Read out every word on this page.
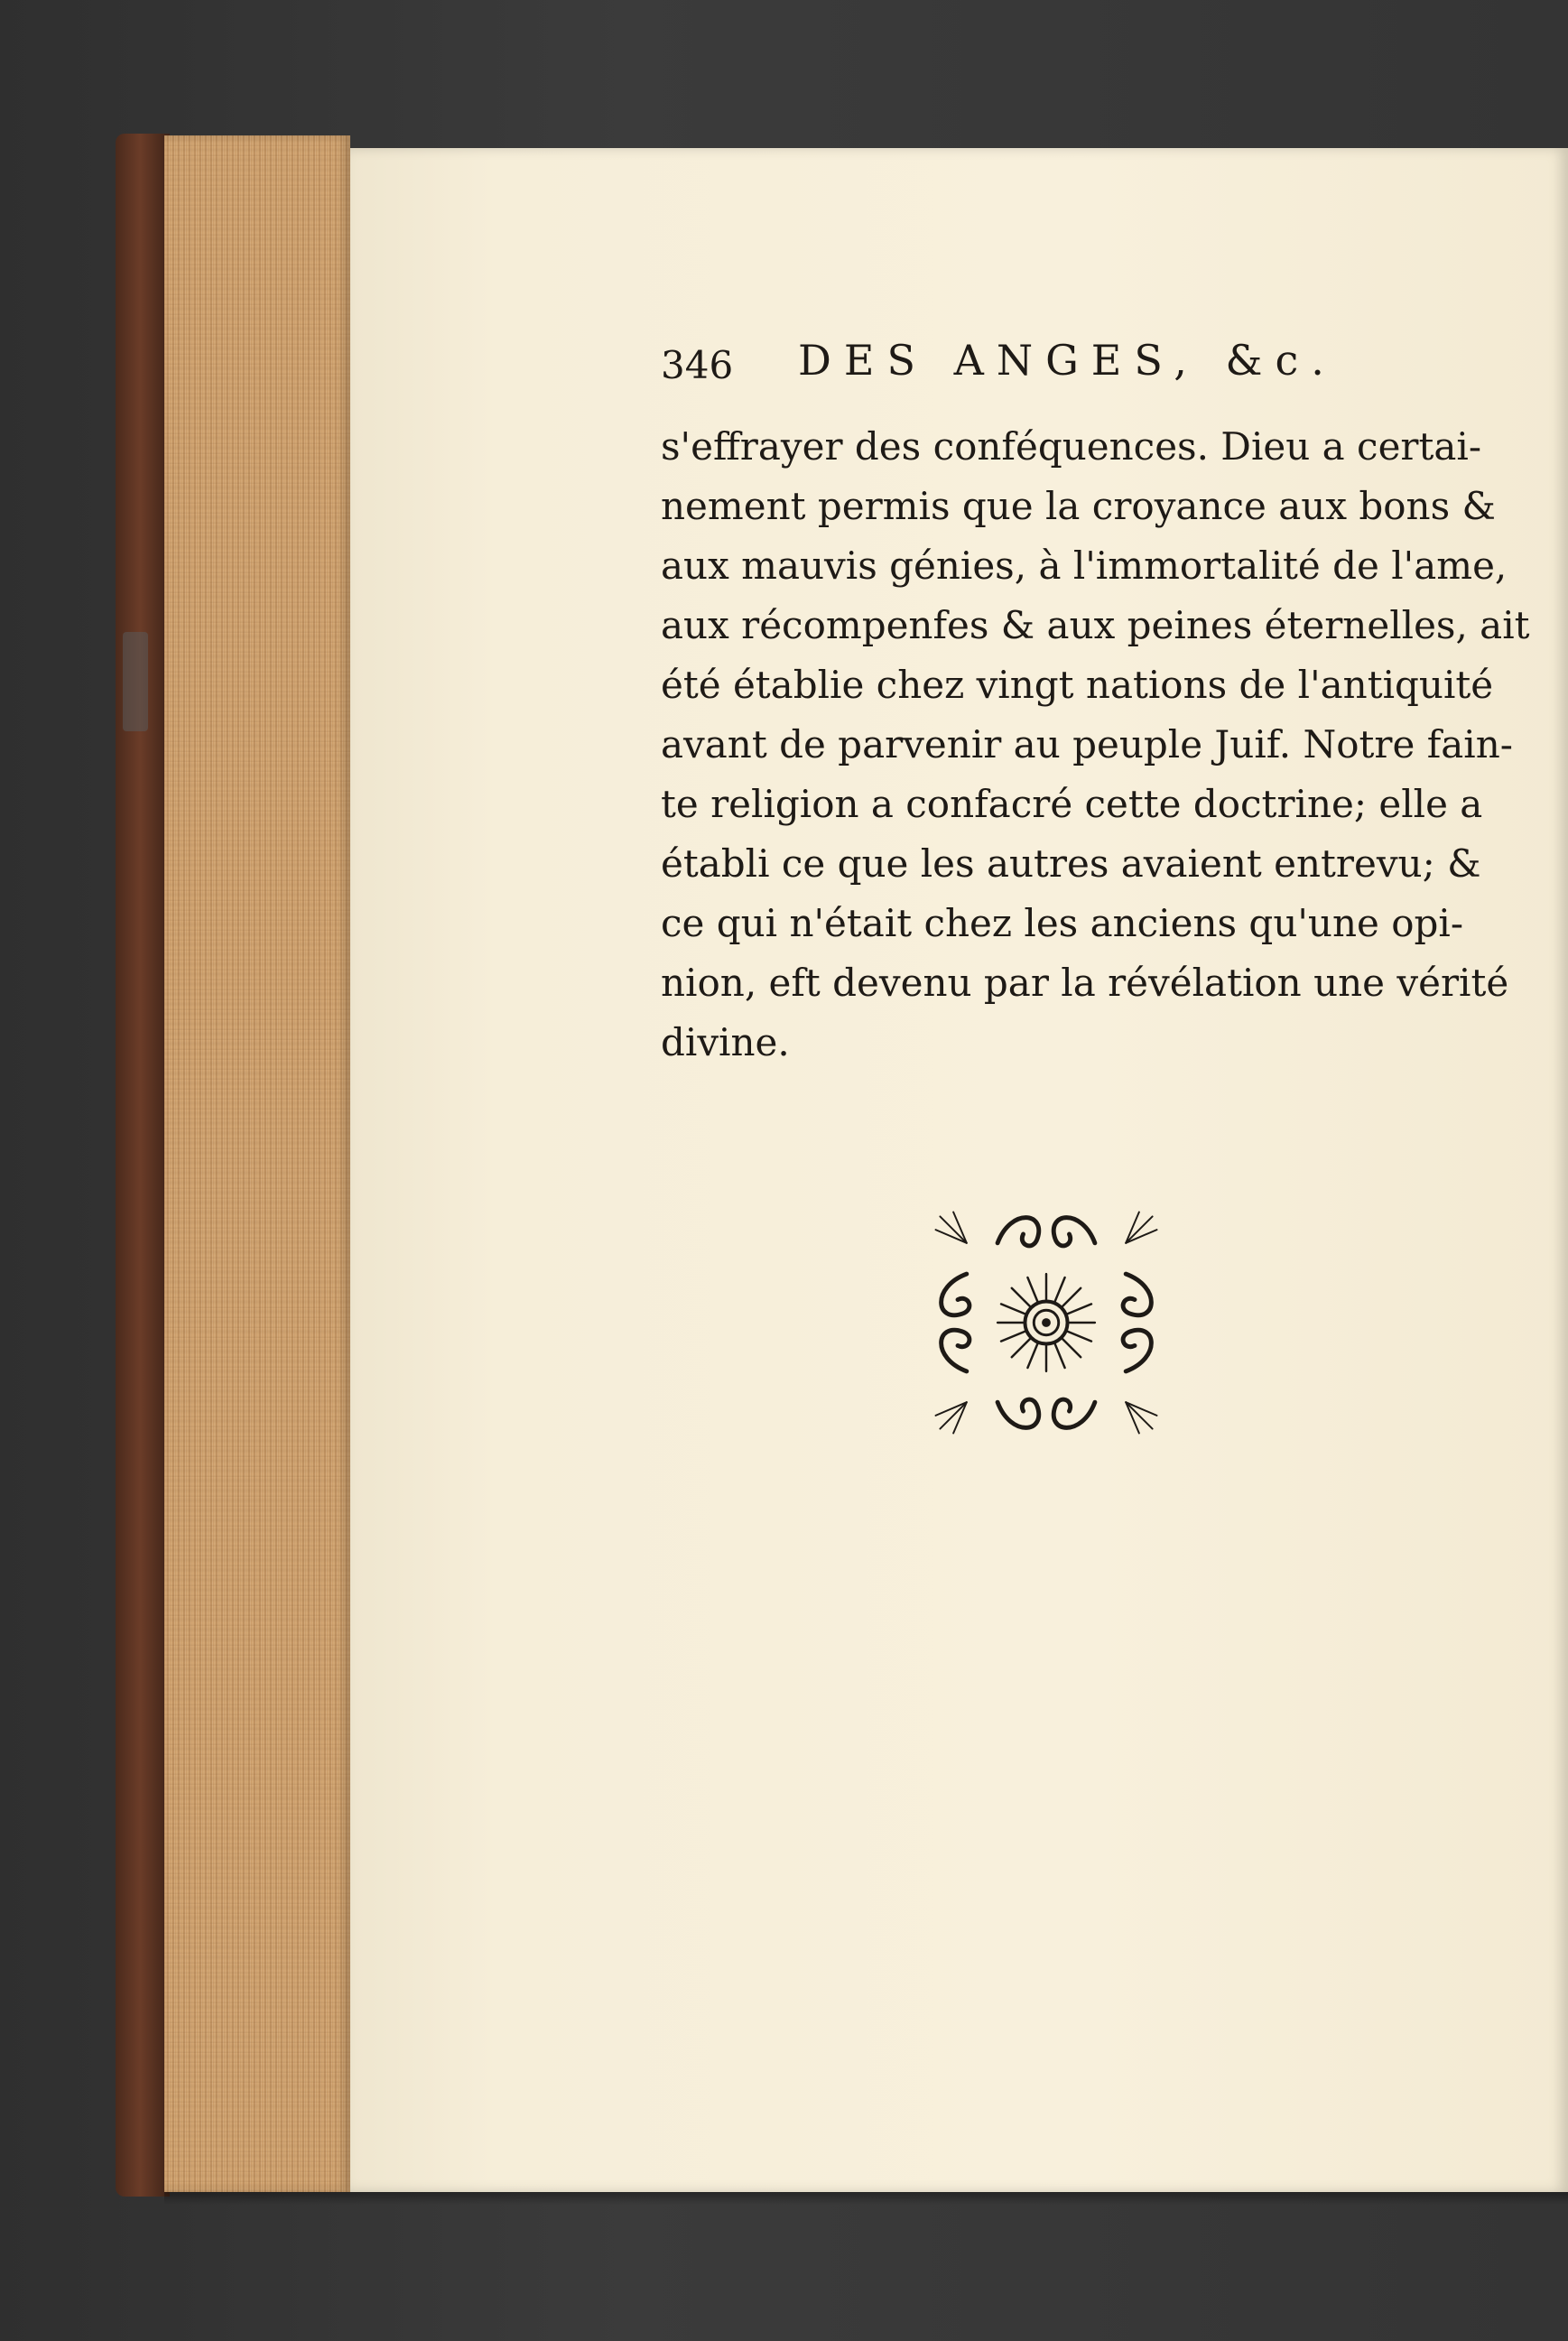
346 DES ANGES, &c.
s'effrayer des conféquences. Dieu a certai-
nement permis que la croyance aux bons &
aux mauvis génies, à l'immortalité de l'ame,
aux récompenfes & aux peines éternelles, ait
été établie chez vingt nations de l'antiquité
avant de parvenir au peuple Juif. Notre fain-
te religion a confacré cette doctrine; elle a
établi ce que les autres avaient entrevu; &
ce qui n'était chez les anciens qu'une opi-
nion, eft devenu par la révélation une vérité
divine.
